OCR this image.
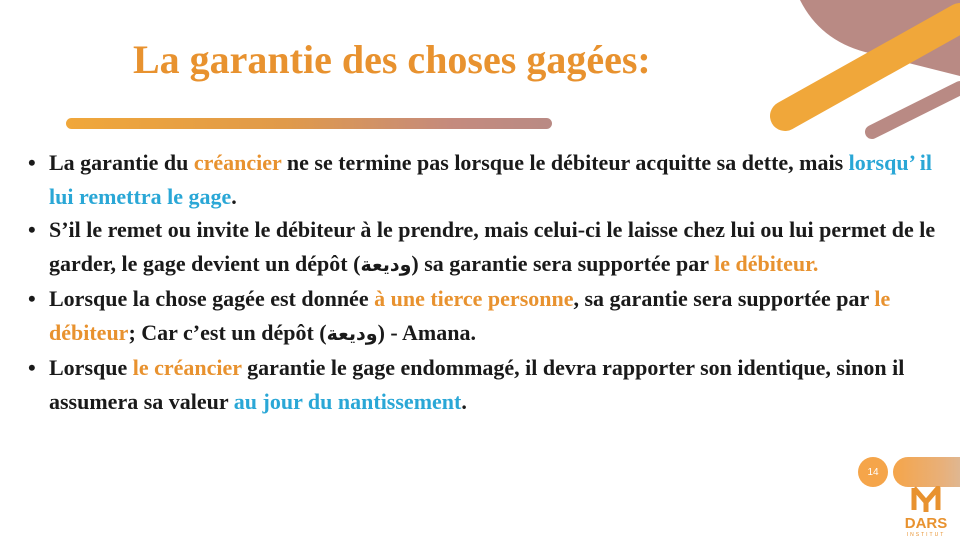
La garantie des choses gagées:
• La garantie du créancier ne se termine pas lorsque le débiteur acquitte sa dette, mais lorsqu’ il lui remettra le gage.
• S’il le remet ou invite le débiteur à le prendre, mais celui-ci le laisse chez lui ou lui permet de le garder, le gage devient un dépôt (وديعة) sa garantie sera supportée par le débiteur.
• Lorsque la chose gagée est donnée à une tierce personne, sa garantie sera supportée par le débiteur; Car c’est un dépôt (وديعة) - Amana.
• Lorsque le créancier garantie le gage endommagé, il devra rapporter son identique, sinon il assumera sa valeur au jour du nantissement.
14
DARS
INSTITUT
